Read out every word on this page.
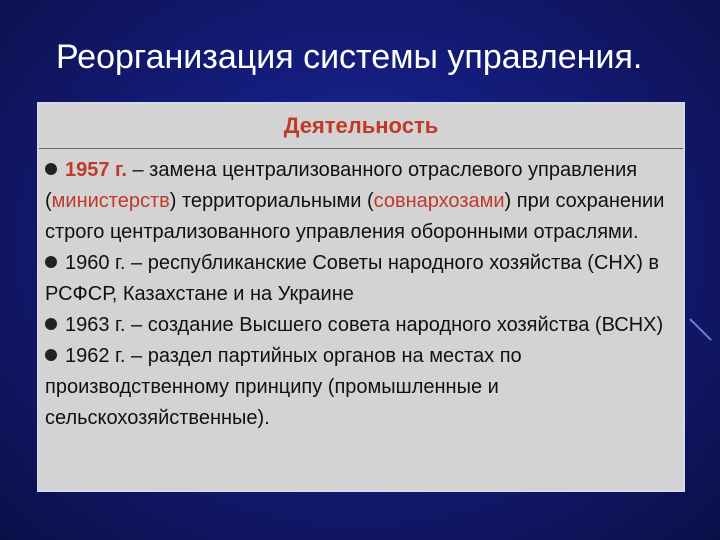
Реорганизация системы управления.
Деятельность

1957 г. – замена централизованного отраслевого управления (министерств) территориальными (совнархозами) при сохранении строго централизованного управления оборонными отраслями.

1960 г. – республиканские Советы народного хозяйства (СНХ) в РСФСР, Казахстане и на Украине

1963 г. – создание Высшего совета народного хозяйства (ВСНХ)

1962 г. – раздел партийных органов на местах по производственному принципу (промышленные и сельскохозяйственные).
